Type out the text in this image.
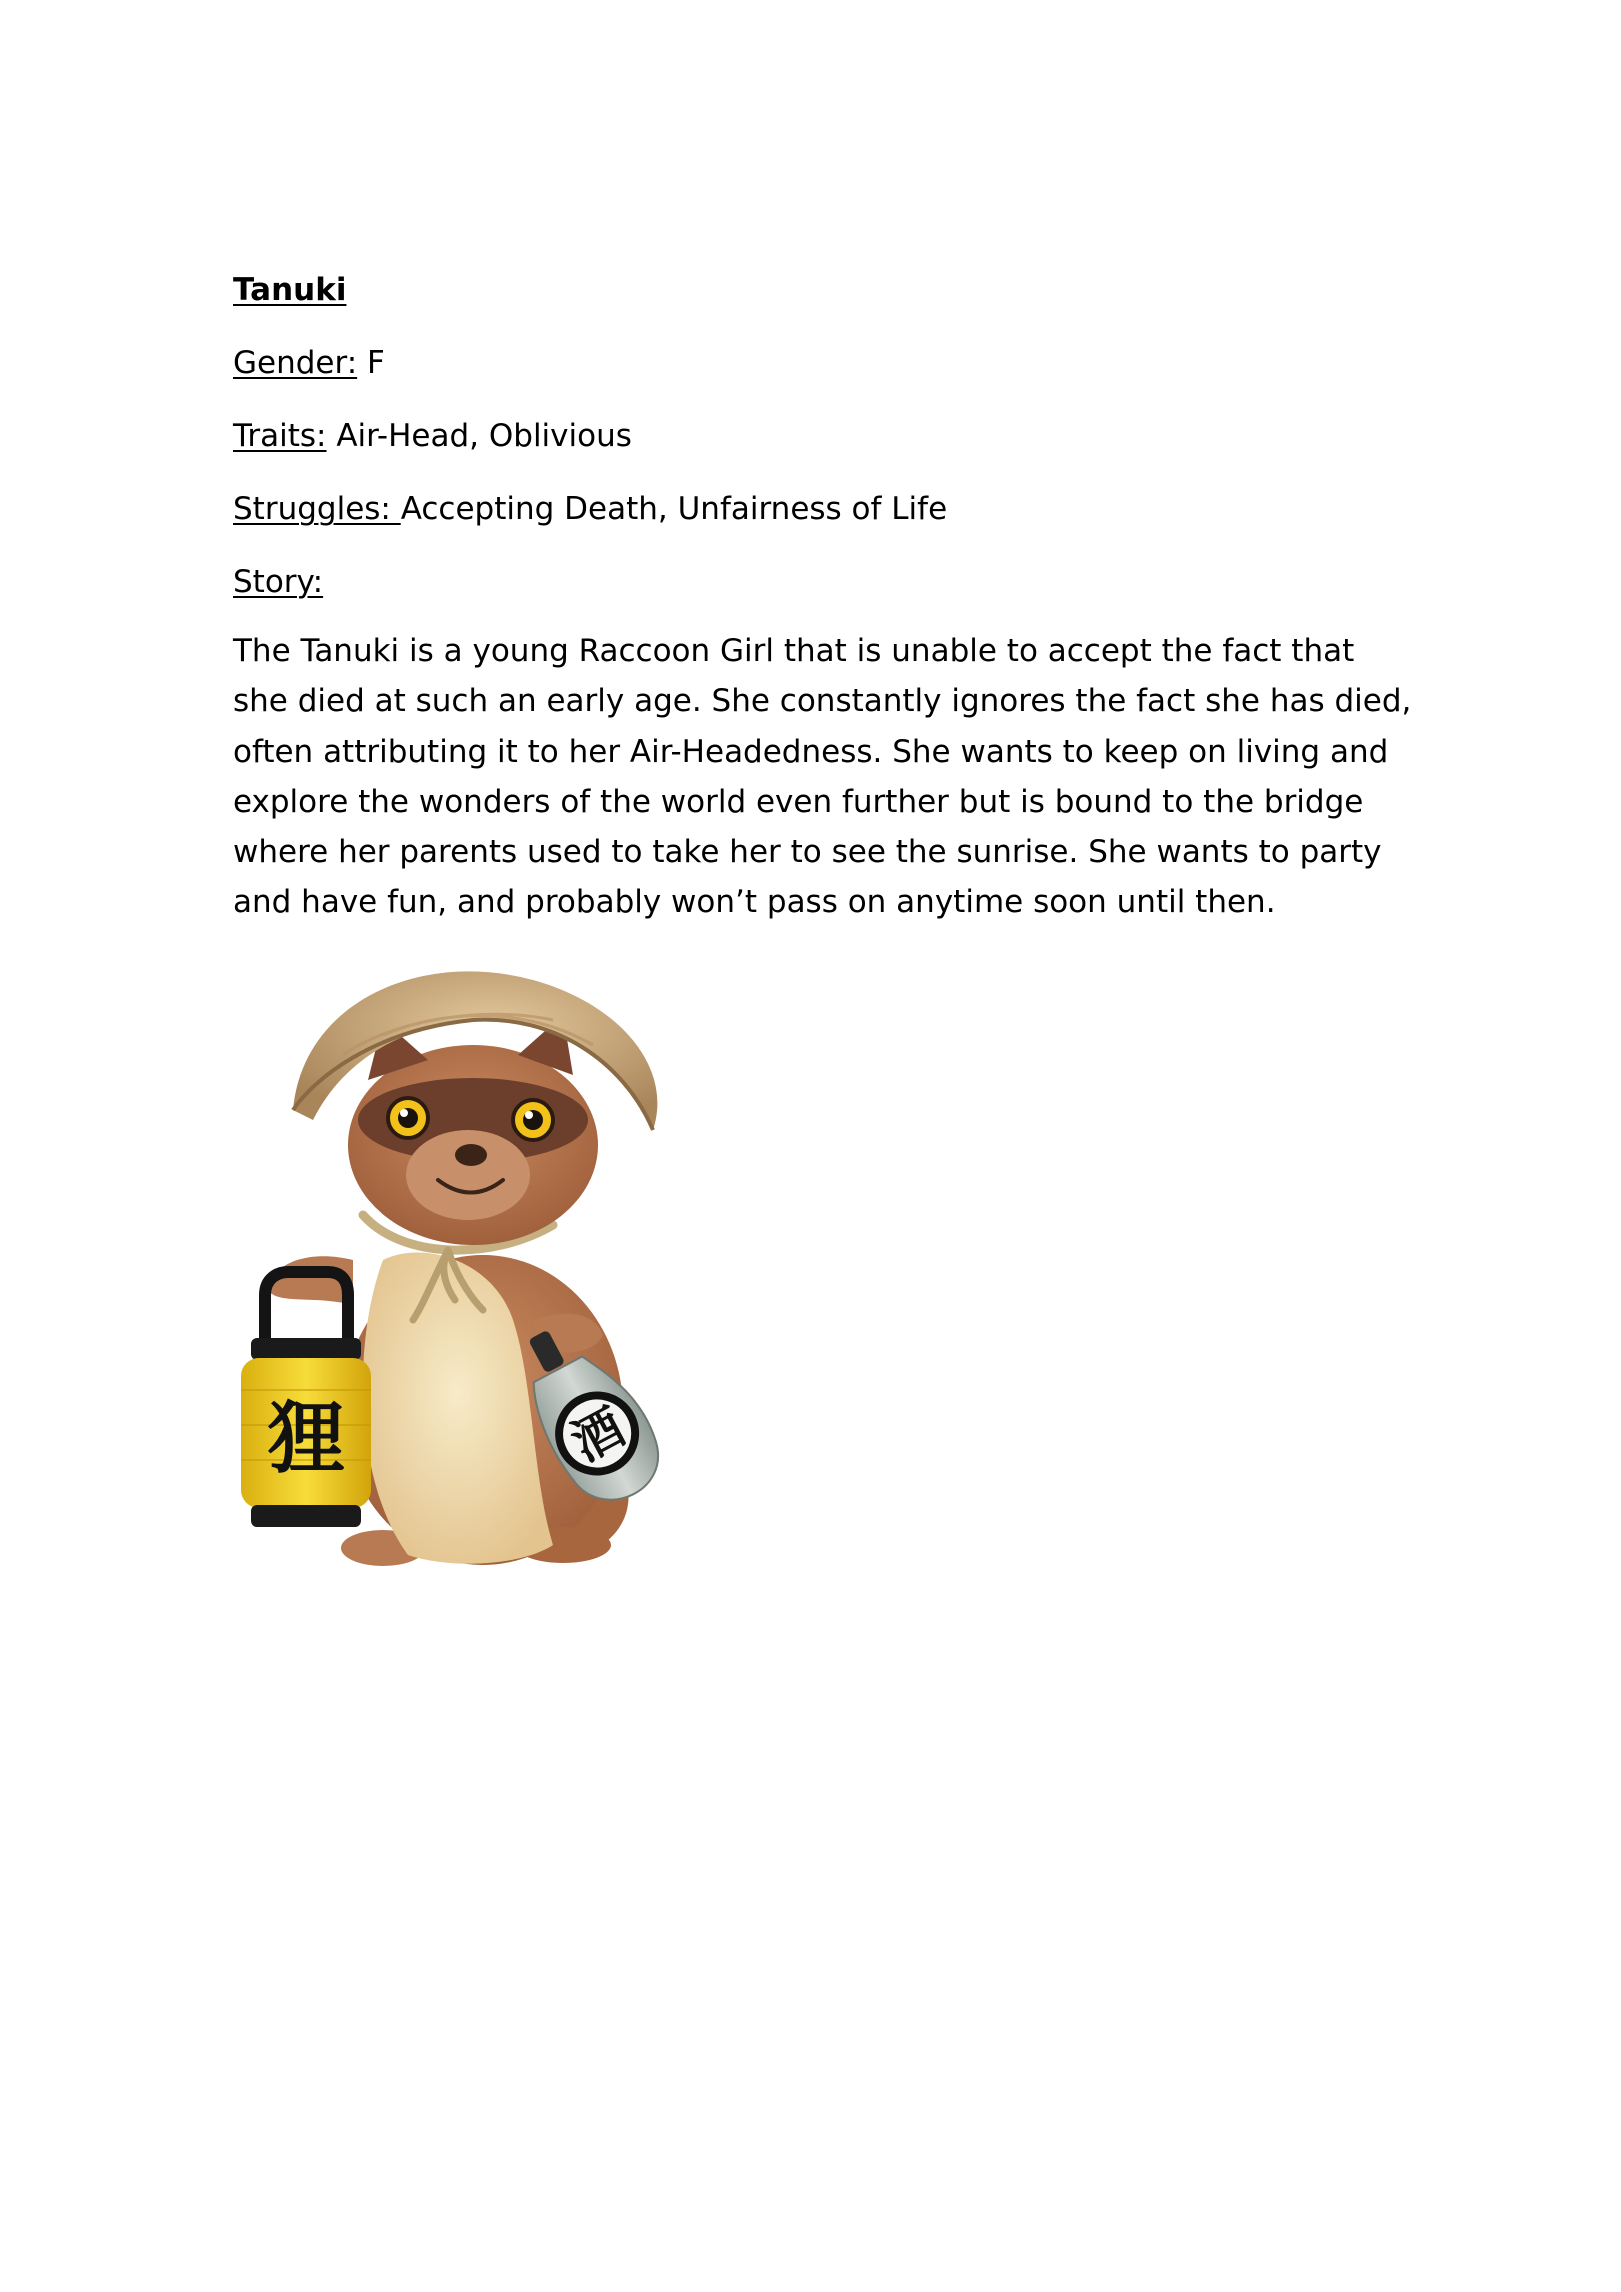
Tanuki
Gender: F
Traits: Air-Head, Oblivious
Struggles: Accepting Death, Unfairness of Life
Story:

The Tanuki is a young Raccoon Girl that is unable to accept the fact that
she died at such an early age. She constantly ignores the fact she has died,
often attributing it to her Air-Headedness. She wants to keep on living and
explore the wonders of the world even further but is bound to the bridge
where her parents used to take her to see the sunrise. She wants to party
and have fun, and probably won’t pass on anytime soon until then.

狸	酒
